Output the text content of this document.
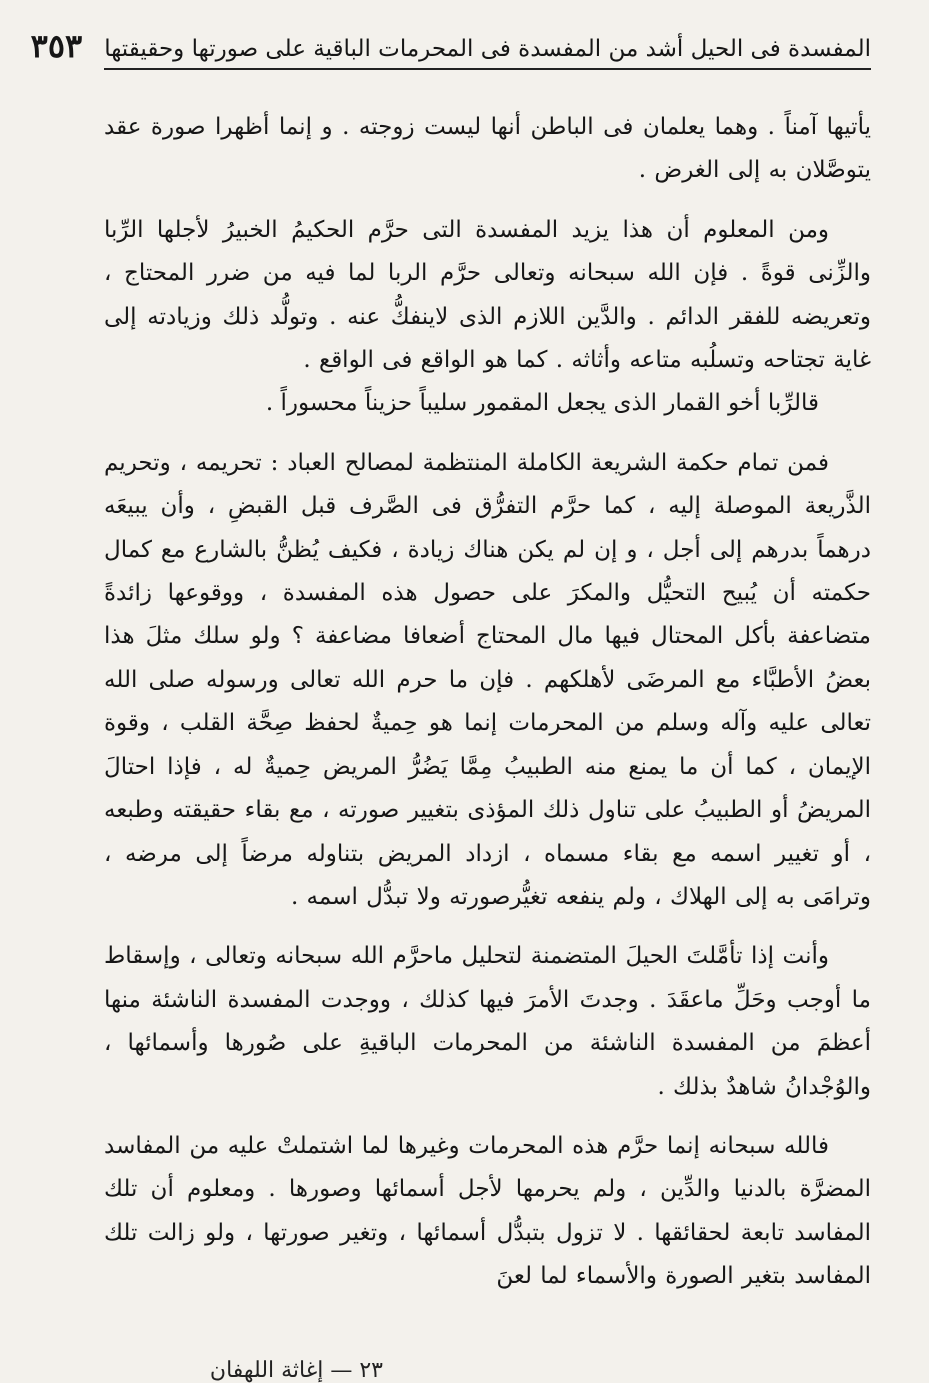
المفسدة فى الحيل أشد من المفسدة فى المحرمات الباقية على صورتها وحقيقتها
٣٥٣

يأتيها آمناً . وهما يعلمان فى الباطن أنها ليست زوجته . و إنما أظهرا صورة عقد يتوصَّلان به إلى الغرض .

ومن المعلوم أن هذا يزيد المفسدة التى حرَّم الحكيمُ الخبيرُ لأجلها الرِّبا والزِّنى قوةً . فإن الله سبحانه وتعالى حرَّم الربا لما فيه من ضرر المحتاج ، وتعريضه للفقر الدائم . والدَّين اللازم الذى لاينفكُّ عنه . وتولُّد ذلك وزيادته إلى غاية تجتاحه وتسلُبه متاعه وأثاثه . كما هو الواقع فى الواقع .

قالرِّبا أخو القمار الذى يجعل المقمور سليباً حزيناً محسوراً .

فمن تمام حكمة الشريعة الكاملة المنتظمة لمصالح العباد : تحريمه ، وتحريم الذَّريعة الموصلة إليه ، كما حرَّم التفرُّق فى الصَّرف قبل القبضِ ، وأن يبيعَه درهماً بدرهم إلى أجل ، و إن لم يكن هناك زيادة ، فكيف يُظنُّ بالشارع مع كمال حكمته أن يُبيح التحيُّل والمكرَ على حصول هذه المفسدة ، ووقوعها زائدةً متضاعفة بأكل المحتال فيها مال المحتاج أضعافا مضاعفة ؟ ولو سلك مثلَ هذا بعضُ الأطبَّاء مع المرضَى لأهلكهم . فإن ما حرم الله تعالى ورسوله صلى الله تعالى عليه وآله وسلم من المحرمات إنما هو حِميةٌ لحفظ صِحَّة القلب ، وقوة الإيمان ، كما أن ما يمنع منه الطبيبُ مِمَّا يَضُرُّ المريض حِميةٌ له ، فإذا احتالَ المريضُ أو الطبيبُ على تناول ذلك المؤذى بتغيير صورته ، مع بقاء حقيقته وطبعه ، أو تغيير اسمه مع بقاء مسماه ، ازداد المريض بتناوله مرضاً إلى مرضه ، وترامَى به إلى الهلاك ، ولم ينفعه تغيُّرصورته ولا تبدُّل اسمه .

وأنت إذا تأمَّلتَ الحيلَ المتضمنة لتحليل ماحرَّم الله سبحانه وتعالى ، وإسقاط ما أوجب وحَلِّ ماعقَدَ . وجدتَ الأمرَ فيها كذلك ، ووجدت المفسدة الناشئة منها أعظمَ من المفسدة الناشئة من المحرمات الباقيةِ على صُورها وأسمائها ، والوُجْدانُ شاهدٌ بذلك .

فالله سبحانه إنما حرَّم هذه المحرمات وغيرها لما اشتملتْ عليه من المفاسد المضرَّة بالدنيا والدِّين ، ولم يحرمها لأجل أسمائها وصورها . ومعلوم أن تلك المفاسد تابعة لحقائقها . لا تزول بتبدُّل أسمائها ، وتغير صورتها ، ولو زالت تلك المفاسد بتغير الصورة والأسماء لما لعنَ

٢٣ — إغاثة اللهفان
